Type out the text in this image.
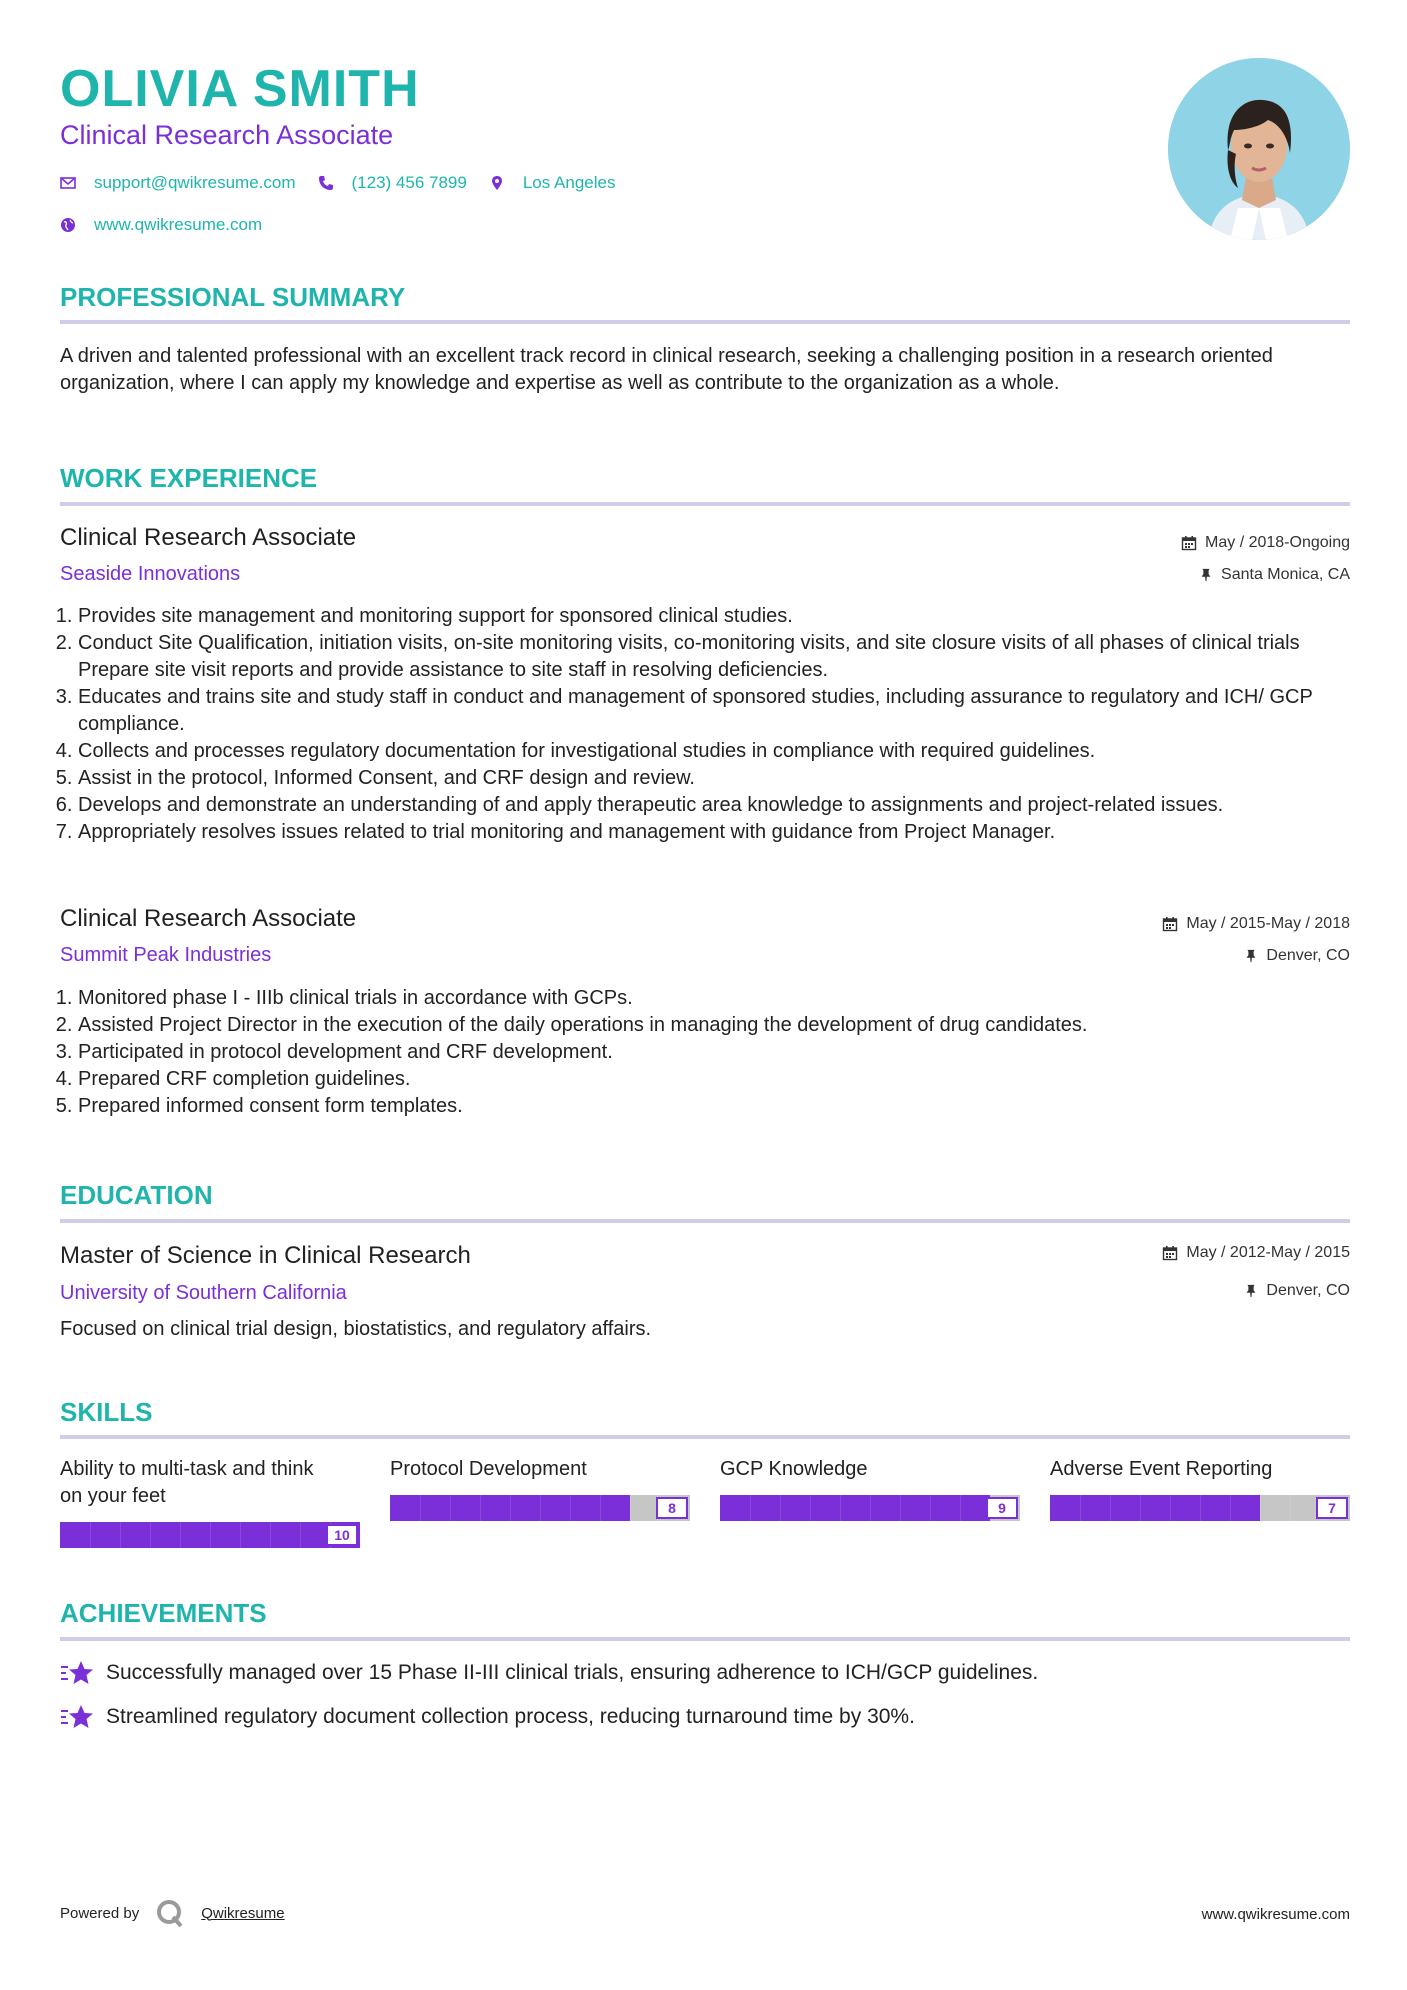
OLIVIA SMITH
Clinical Research Associate
support@qwikresume.com	(123) 456 7899	Los Angeles
www.qwikresume.com
PROFESSIONAL SUMMARY
A driven and talented professional with an excellent track record in clinical research, seeking a challenging position in a research oriented organization, where I can apply my knowledge and expertise as well as contribute to the organization as a whole.
WORK EXPERIENCE
Clinical Research Associate
Seaside Innovations
May / 2018-Ongoing
Santa Monica, CA
1. Provides site management and monitoring support for sponsored clinical studies.
2. Conduct Site Qualification, initiation visits, on-site monitoring visits, co-monitoring visits, and site closure visits of all phases of clinical trials Prepare site visit reports and provide assistance to site staff in resolving deficiencies.
3. Educates and trains site and study staff in conduct and management of sponsored studies, including assurance to regulatory and ICH/ GCP compliance.
4. Collects and processes regulatory documentation for investigational studies in compliance with required guidelines.
5. Assist in the protocol, Informed Consent, and CRF design and review.
6. Develops and demonstrate an understanding of and apply therapeutic area knowledge to assignments and project-related issues.
7. Appropriately resolves issues related to trial monitoring and management with guidance from Project Manager.
Clinical Research Associate
Summit Peak Industries
May / 2015-May / 2018
Denver, CO
1. Monitored phase I - IIIb clinical trials in accordance with GCPs.
2. Assisted Project Director in the execution of the daily operations in managing the development of drug candidates.
3. Participated in protocol development and CRF development.
4. Prepared CRF completion guidelines.
5. Prepared informed consent form templates.
EDUCATION
Master of Science in Clinical Research
University of Southern California
May / 2012-May / 2015
Denver, CO
Focused on clinical trial design, biostatistics, and regulatory affairs.
SKILLS
Ability to multi-task and think on your feet
10
Protocol Development
8
GCP Knowledge
9
Adverse Event Reporting
7
ACHIEVEMENTS
Successfully managed over 15 Phase II-III clinical trials, ensuring adherence to ICH/GCP guidelines.
Streamlined regulatory document collection process, reducing turnaround time by 30%.
Powered by	Qwikresume	www.qwikresume.com
